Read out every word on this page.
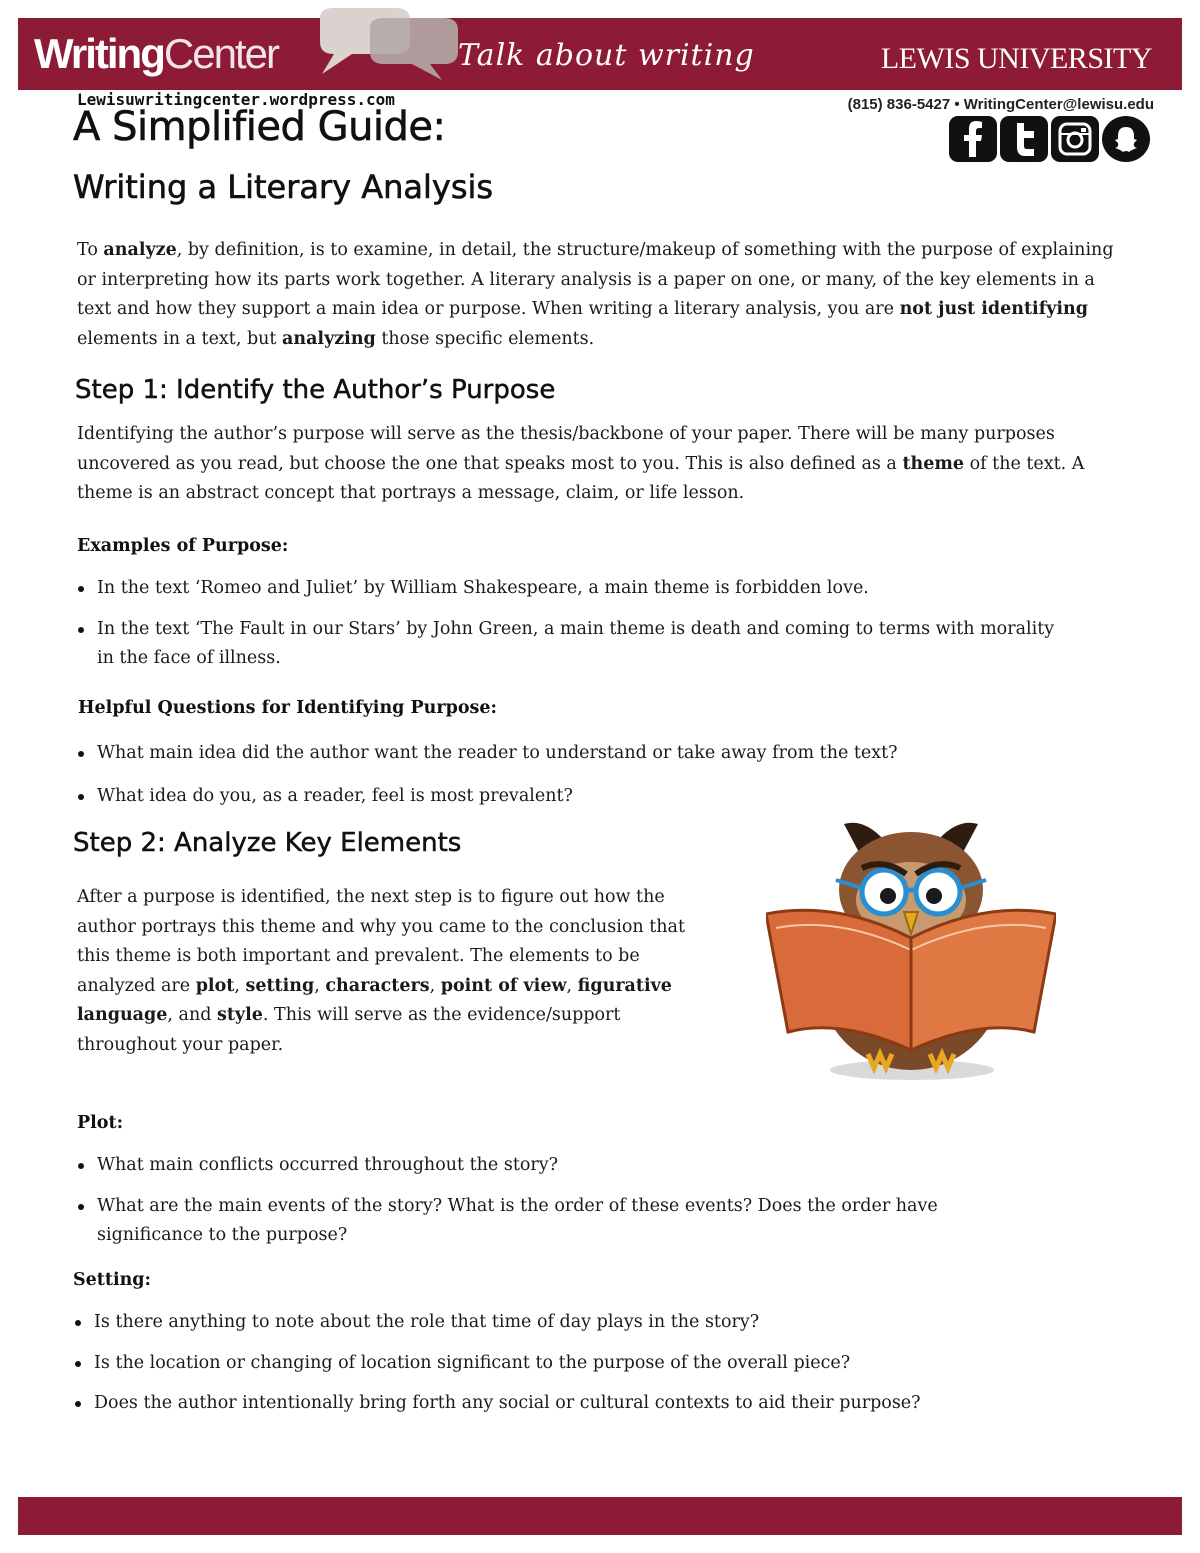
WritingCenter	Talk about writing	LEWIS UNIVERSITY
Lewisuwritingcenter.wordpress.com	(815) 836-5427 • WritingCenter@lewisu.edu
A Simplified Guide:
Writing a Literary Analysis

To analyze, by definition, is to examine, in detail, the structure/makeup of something with the purpose of explaining or interpreting how its parts work together. A literary analysis is a paper on one, or many, of the key elements in a text and how they support a main idea or purpose. When writing a literary analysis, you are not just identifying elements in a text, but analyzing those specific elements.

Step 1: Identify the Author’s Purpose

Identifying the author’s purpose will serve as the thesis/backbone of your paper. There will be many purposes uncovered as you read, but choose the one that speaks most to you. This is also defined as a theme of the text. A theme is an abstract concept that portrays a message, claim, or life lesson.

Examples of Purpose:
In the text ‘Romeo and Juliet’ by William Shakespeare, a main theme is forbidden love.
In the text ‘The Fault in our Stars’ by John Green, a main theme is death and coming to terms with morality in the face of illness.
Helpful Questions for Identifying Purpose:
What main idea did the author want the reader to understand or take away from the text?
What idea do you, as a reader, feel is most prevalent?
Step 2: Analyze Key Elements

After a purpose is identified, the next step is to figure out how the author portrays this theme and why you came to the conclusion that this theme is both important and prevalent. The elements to be analyzed are plot, setting, characters, point of view, figurative language, and style. This will serve as the evidence/support throughout your paper.

Plot:
What main conflicts occurred throughout the story?
What are the main events of the story? What is the order of these events? Does the order have significance to the purpose?
Setting:
Is there anything to note about the role that time of day plays in the story?
Is the location or changing of location significant to the purpose of the overall piece?
Does the author intentionally bring forth any social or cultural contexts to aid their purpose?
